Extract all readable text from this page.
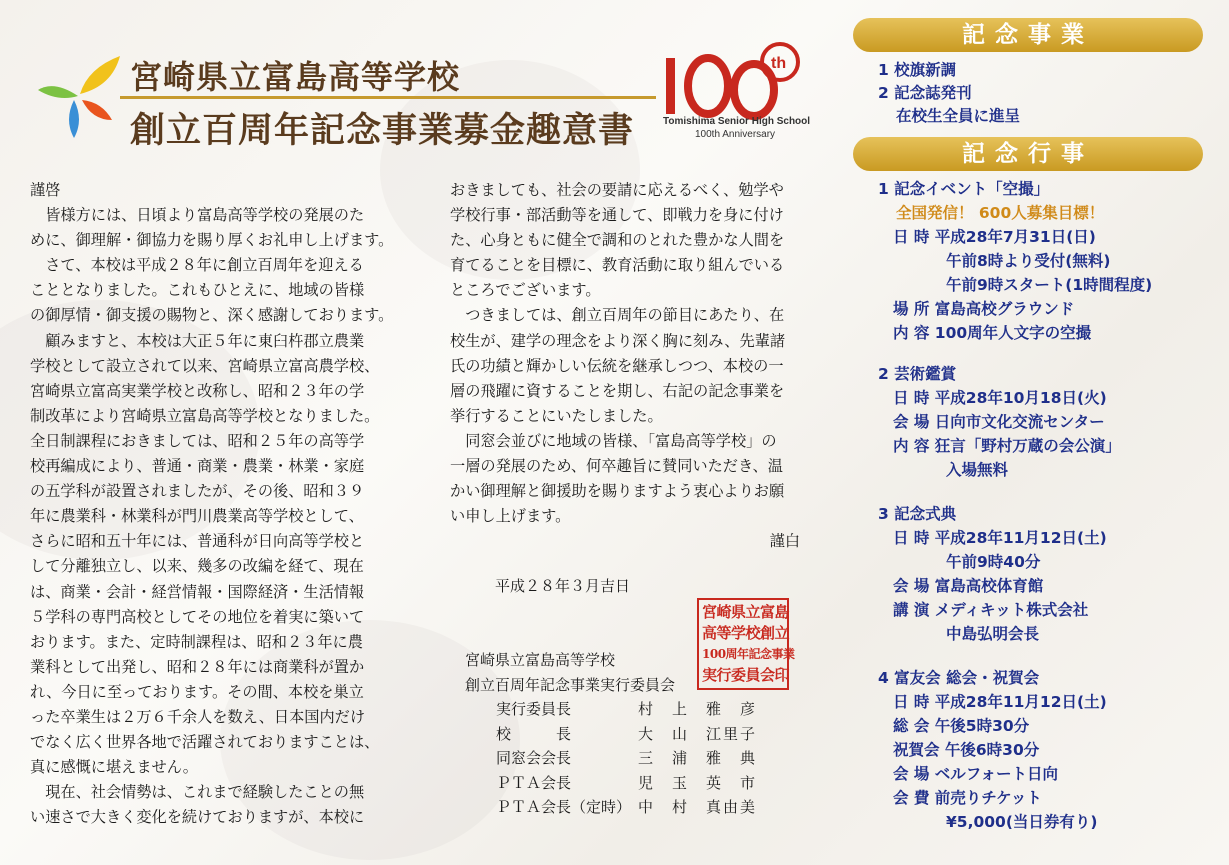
宮崎県立富島高等学校
創立百周年記念事業募金趣意書
th
Tomishima Senior High School
100th Anniversary
謹啓
　皆様方には、日頃より富島高等学校の発展のた
めに、御理解・御協力を賜り厚くお礼申し上げます。
　さて、本校は平成２８年に創立百周年を迎える
こととなりました。これもひとえに、地域の皆様
の御厚情・御支援の賜物と、深く感謝しております。
　顧みますと、本校は大正５年に東臼杵郡立農業
学校として設立されて以来、宮崎県立富高農学校、
宮崎県立富高実業学校と改称し、昭和２３年の学
制改革により宮崎県立富島高等学校となりました。
全日制課程におきましては、昭和２５年の高等学
校再編成により、普通・商業・農業・林業・家庭
の五学科が設置されましたが、その後、昭和３９
年に農業科・林業科が門川農業高等学校として、
さらに昭和五十年には、普通科が日向高等学校と
して分離独立し、以来、幾多の改編を経て、現在
は、商業・会計・経営情報・国際経済・生活情報
５学科の専門高校としてその地位を着実に築いて
おります。また、定時制課程は、昭和２３年に農
業科として出発し、昭和２８年には商業科が置か
れ、今日に至っております。その間、本校を巣立
った卒業生は２万６千余人を数え、日本国内だけ
でなく広く世界各地で活躍されておりますことは、
真に感慨に堪えません。
　現在、社会情勢は、これまで経験したことの無
い速さで大きく変化を続けておりますが、本校に
おきましても、社会の要請に応えるべく、勉学や
学校行事・部活動等を通して、即戦力を身に付け
た、心身ともに健全で調和のとれた豊かな人間を
育てることを目標に、教育活動に取り組んでいる
ところでございます。
　つきましては、創立百周年の節目にあたり、在
校生が、建学の理念をより深く胸に刻み、先輩諸
氏の功績と輝かしい伝統を継承しつつ、本校の一
層の飛躍に資することを期し、右記の記念事業を
挙行することにいたしました。
　同窓会並びに地域の皆様、「富島高等学校」の
一層の発展のため、何卒趣旨に賛同いただき、温
かい御理解と御援助を賜りますよう衷心よりお願
い申し上げます。
謹白
平成２８年３月吉日
宮崎県立富島
高等学校創立
100周年記念事業
実行委員会印
宮崎県立富島高等学校
創立百周年記念事業実行委員会
実行委員長	村　上　雅　彦
校　　　長	大　山　江里子
同窓会会長	三　浦　雅　典
ＰＴＡ会長	児　玉　英　市
ＰＴＡ会長（定時） 中　村　真由美
記念事業
1 校旗新調
2 記念誌発刊
在校生全員に進呈
記念行事
1 記念イベント「空撮」
全国発信！ 600人募集目標！
日 時 平成28年7月31日(日)
午前8時より受付(無料)
午前9時スタート(1時間程度)
場 所 富島高校グラウンド
内 容 100周年人文字の空撮
2 芸術鑑賞
日 時 平成28年10月18日(火)
会 場 日向市文化交流センター
内 容 狂言「野村万蔵の会公演」
入場無料
3 記念式典
日 時 平成28年11月12日(土)
午前9時40分
会 場 富島高校体育館
講 演 メディキット株式会社
中島弘明会長
4 富友会 総会・祝賀会
日 時 平成28年11月12日(土)
総 会 午後5時30分
祝賀会 午後6時30分
会 場 ベルフォート日向
会 費 前売りチケット
¥5,000(当日券有り)
